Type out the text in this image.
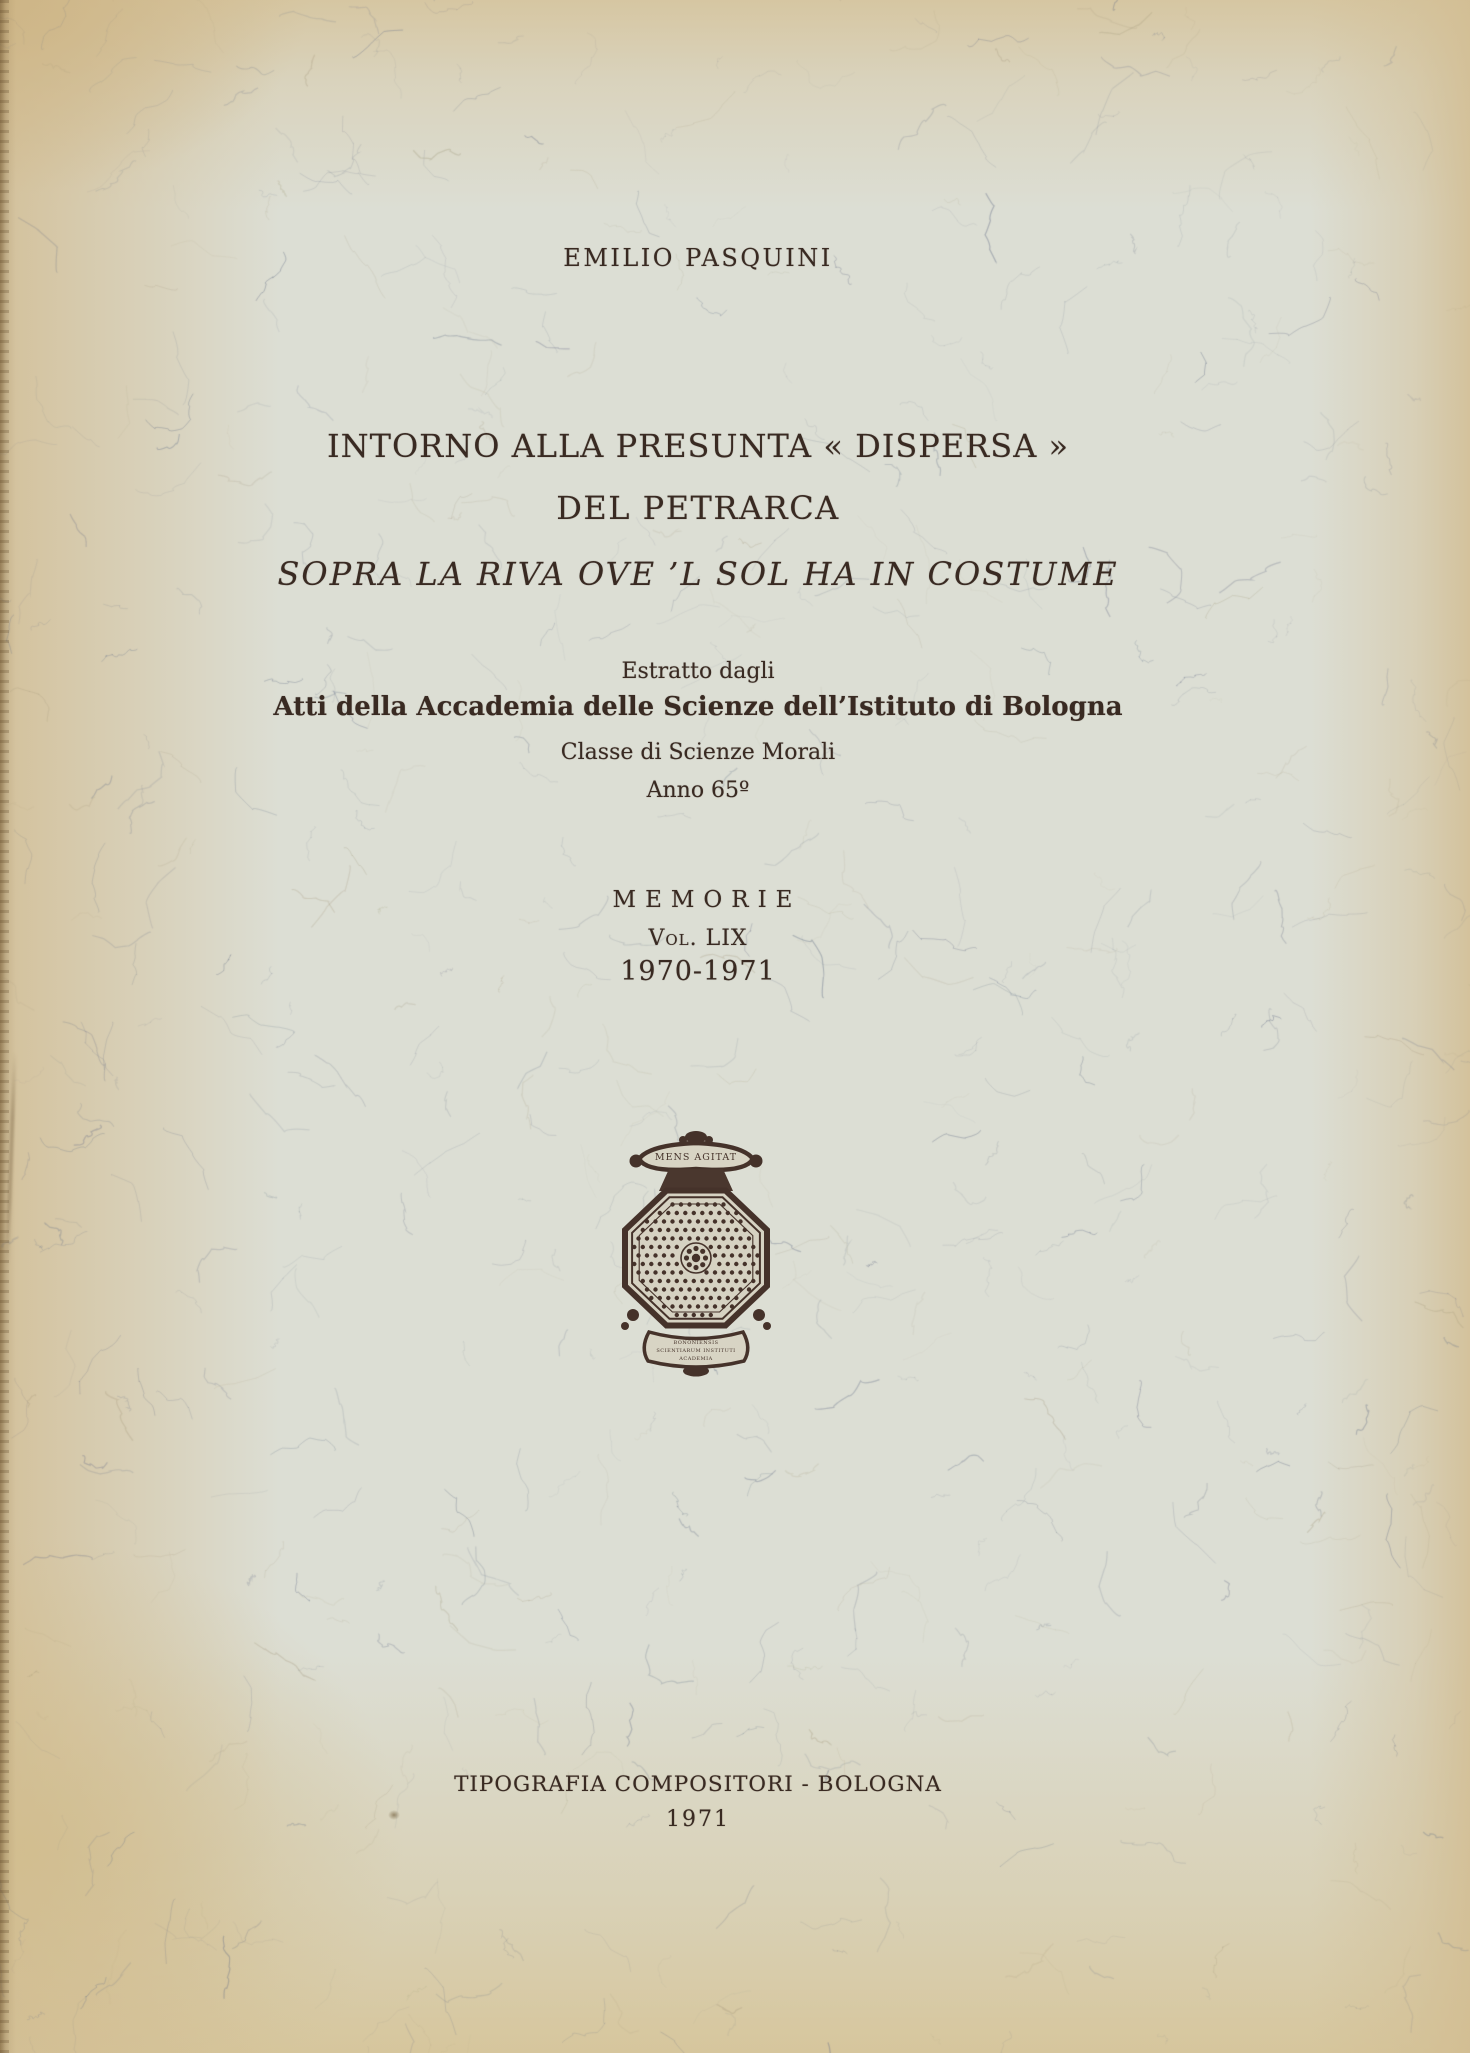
EMILIO PASQUINI
INTORNO ALLA PRESUNTA « DISPERSA »
DEL PETRARCA
SOPRA LA RIVA OVE ’L SOL HA IN COSTUME
Estratto dagli
Atti della Accademia delle Scienze dell’Istituto di Bologna
Classe di Scienze Morali
Anno 65º
MEMORIE
Vol. LIX
1970-1971
MENS AGITAT
BONONIENSIS
SCIENTIARUM INSTITUTI
ACADEMIA
TIPOGRAFIA COMPOSITORI - BOLOGNA
1971
